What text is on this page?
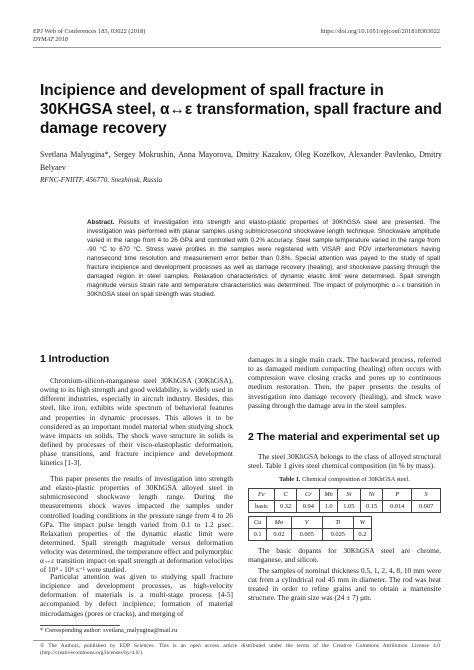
EPJ Web of Conferences 183, 03022 (2018)
DYMAT 2018
https://doi.org/10.1051/epjconf/201818303022
Incipience and development of spall fracture in 30KHGSA steel, α↔ε transformation, spall fracture and damage recovery
Svetlana Malyugina*, Sergey Mokrushin, Anna Mayorova, Dmitry Kazakov, Oleg Kozelkov, Alexander Pavlenko, Dmitry Belyaev
RFNC-FNIITF, 456770. Snezhinsk, Russia
Abstract. Results of investigation into strength and elasto-plastic properties of 30KhGSA steel are presented. The investigation was performed with planar samples using submicrosecond shockwave length technique. Shockwave amplitude varied in the range from 4 to 26 GPa and controlled with 0.2% accuracy. Steel sample temperature varied in the range from -90 °C to 670 °C. Stress wave profiles in the samples were registered with VISAR and PDV interferometers having nanosecond time resolution and measurement error better than 0.8%. Special attention was payed to the study of spall fracture incipience and development processes as well as damage recovery (healing), and shockwave passing through the damaged region in steel samples. Relaxation characteristics of dynamic elastic limit were determined. Spall strength magnitude versus strain rate and temperature characteristics was determined. The impact of polymorphic α↔ε transition in 30KhGSA steel on spall strength was studied.
1 Introduction
Chromium-silicon-manganese steel 30KhGSA (30KhGSA), owing to its high strength and good weldability, is widely used in different industries, especially in aircraft industry. Besides, this steel, like iron, exhibits wide spectrum of behavioral features and properties in dynamic processes. This allows it to be considered as an important model material when studying shock wave impacts on solids. The shock wave structure in solids is defined by processes of their visco-elastoplastic deformation, phase transitions, and fracture incipience and development kinetics [1-3].
This paper presents the results of investigation into strength and elasto-plastic properties of 30KhGSA alloyed steel in submicrosecond shockwave length range. During the measurements shock waves impacted the samples under controlled loading conditions in the pressure range from 4 to 26 GPa. The impact pulse length varied from 0.1 to 1.2 μsec. Relaxation properties of the dynamic elastic limit were determined. Spall strength magnitude versus deformation velocity was determined, the temperature effect and polymorphic α↔ε transition impact on spall strength at deformation velocities of 10⁴ - 10⁶ s⁻¹ were studied.
Particular attention was given to studying spall fracture incipience and development processes, as high-velocity deformation of materials is a multi-stage process [4-5] accompanied by defect incipience, formation of material microdamages (pores or cracks), and merging of
damages in a single main crack. The backward process, referred to as damaged medium compacting (healing) often occurs with compression wave closing cracks and pores up to continuous medium restoration. Then, the paper presents the results of investigation into damage recovery (healing), and shock wave passing through the damage area in the steel samples.
2 The material and experimental set up
The steel 30KhGSA belongs to the class of alloyed structural steel. Table 1 gives steel chemical composition (in % by mass).
Table 1. Chemical composition of 30KhGSA steel.
Fe	C	Cr	Mn	Si	Ni	P	S
basis	0.32	0.94	1.0	1.05	0.15	0.014	0.007
Cu	Mo	V	Ti	W
0.1	0.02	0.005	0.025	0.2
The basic dopants for 30KhGSA steel are chrome, manganese, and silicon.
The samples of nominal thickness 0.5, 1, 2, 4, 8, 10 mm were cut from a cylindrical rod 45 mm in diameter. The rod was heat treated in order to refine grains and to obtain a martensite structure. The grain size was (24 ± 7) μm.
* Corresponding author: svetlana_malyugina@mail.ru
© The Authors, published by EDP Sciences. This is an open access article distributed under the terms of the Creative Commons Attribution License 4.0 (http://creativecommons.org/licenses/by/4.0/).
